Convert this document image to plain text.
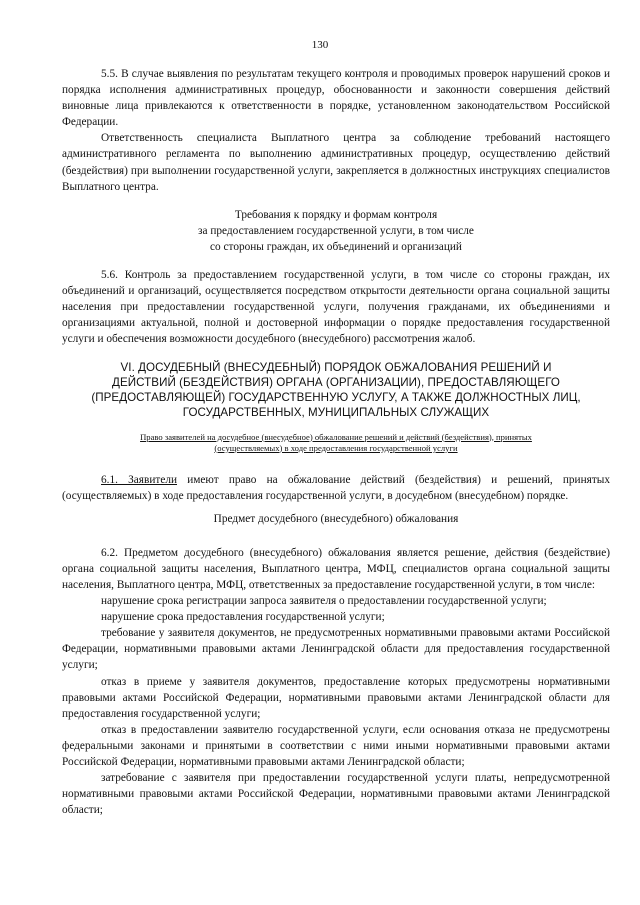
130

5.5. В случае выявления по результатам текущего контроля и проводимых проверок нарушений сроков и порядка исполнения административных процедур, обоснованности и законности совершения действий виновные лица привлекаются к ответственности в порядке, установленном законодательством Российской Федерации.

Ответственность специалиста Выплатного центра за соблюдение требований настоящего административного регламента по выполнению административных процедур, осуществлению действий (бездействия) при выполнении государственной услуги, закрепляется в должностных инструкциях специалистов Выплатного центра.

Требования к порядку и формам контроля

за предоставлением государственной услуги, в том числе

со стороны граждан, их объединений и организаций

5.6. Контроль за предоставлением государственной услуги, в том числе со стороны граждан, их объединений и организаций, осуществляется посредством открытости деятельности органа социальной защиты населения при предоставлении государственной услуги, получения гражданами, их объединениями и организациями актуальной, полной и достоверной информации о порядке предоставления государственной услуги и обеспечения возможности досудебного (внесудебного) рассмотрения жалоб.

VI. ДОСУДЕБНЫЙ (ВНЕСУДЕБНЫЙ) ПОРЯДОК ОБЖАЛОВАНИЯ РЕШЕНИЙ И

ДЕЙСТВИЙ (БЕЗДЕЙСТВИЯ) ОРГАНА (ОРГАНИЗАЦИИ), ПРЕДОСТАВЛЯЮЩЕГО

(ПРЕДОСТАВЛЯЮЩЕЙ) ГОСУДАРСТВЕННУЮ УСЛУГУ, А ТАКЖЕ ДОЛЖНОСТНЫХ ЛИЦ,

ГОСУДАРСТВЕННЫХ, МУНИЦИПАЛЬНЫХ СЛУЖАЩИХ

Право заявителей на досудебное (внесудебное) обжалование решений и действий (бездействия), принятых

(осуществляемых) в ходе предоставления государственной услуги

6.1. Заявители имеют право на обжалование действий (бездействия) и решений, принятых (осуществляемых) в ходе предоставления государственной услуги, в досудебном (внесудебном) порядке.

Предмет досудебного (внесудебного) обжалования

6.2. Предметом досудебного (внесудебного) обжалования является решение, действия (бездействие) органа социальной защиты населения, Выплатного центра, МФЦ, специалистов органа социальной защиты населения, Выплатного центра, МФЦ, ответственных за предоставление государственной услуги, в том числе:

нарушение срока регистрации запроса заявителя о предоставлении государственной услуги;

нарушение срока предоставления государственной услуги;

требование у заявителя документов, не предусмотренных нормативными правовыми актами Российской Федерации, нормативными правовыми актами Ленинградской области для предоставления государственной услуги;

отказ в приеме у заявителя документов, предоставление которых предусмотрены нормативными правовыми актами Российской Федерации, нормативными правовыми актами Ленинградской области для предоставления государственной услуги;

отказ в предоставлении заявителю государственной услуги, если основания отказа не предусмотрены федеральными законами и принятыми в соответствии с ними иными нормативными правовыми актами Российской Федерации, нормативными правовыми актами Ленинградской области;

затребование с заявителя при предоставлении государственной услуги платы, непредусмотренной нормативными правовыми актами Российской Федерации, нормативными правовыми актами Ленинградской области;
